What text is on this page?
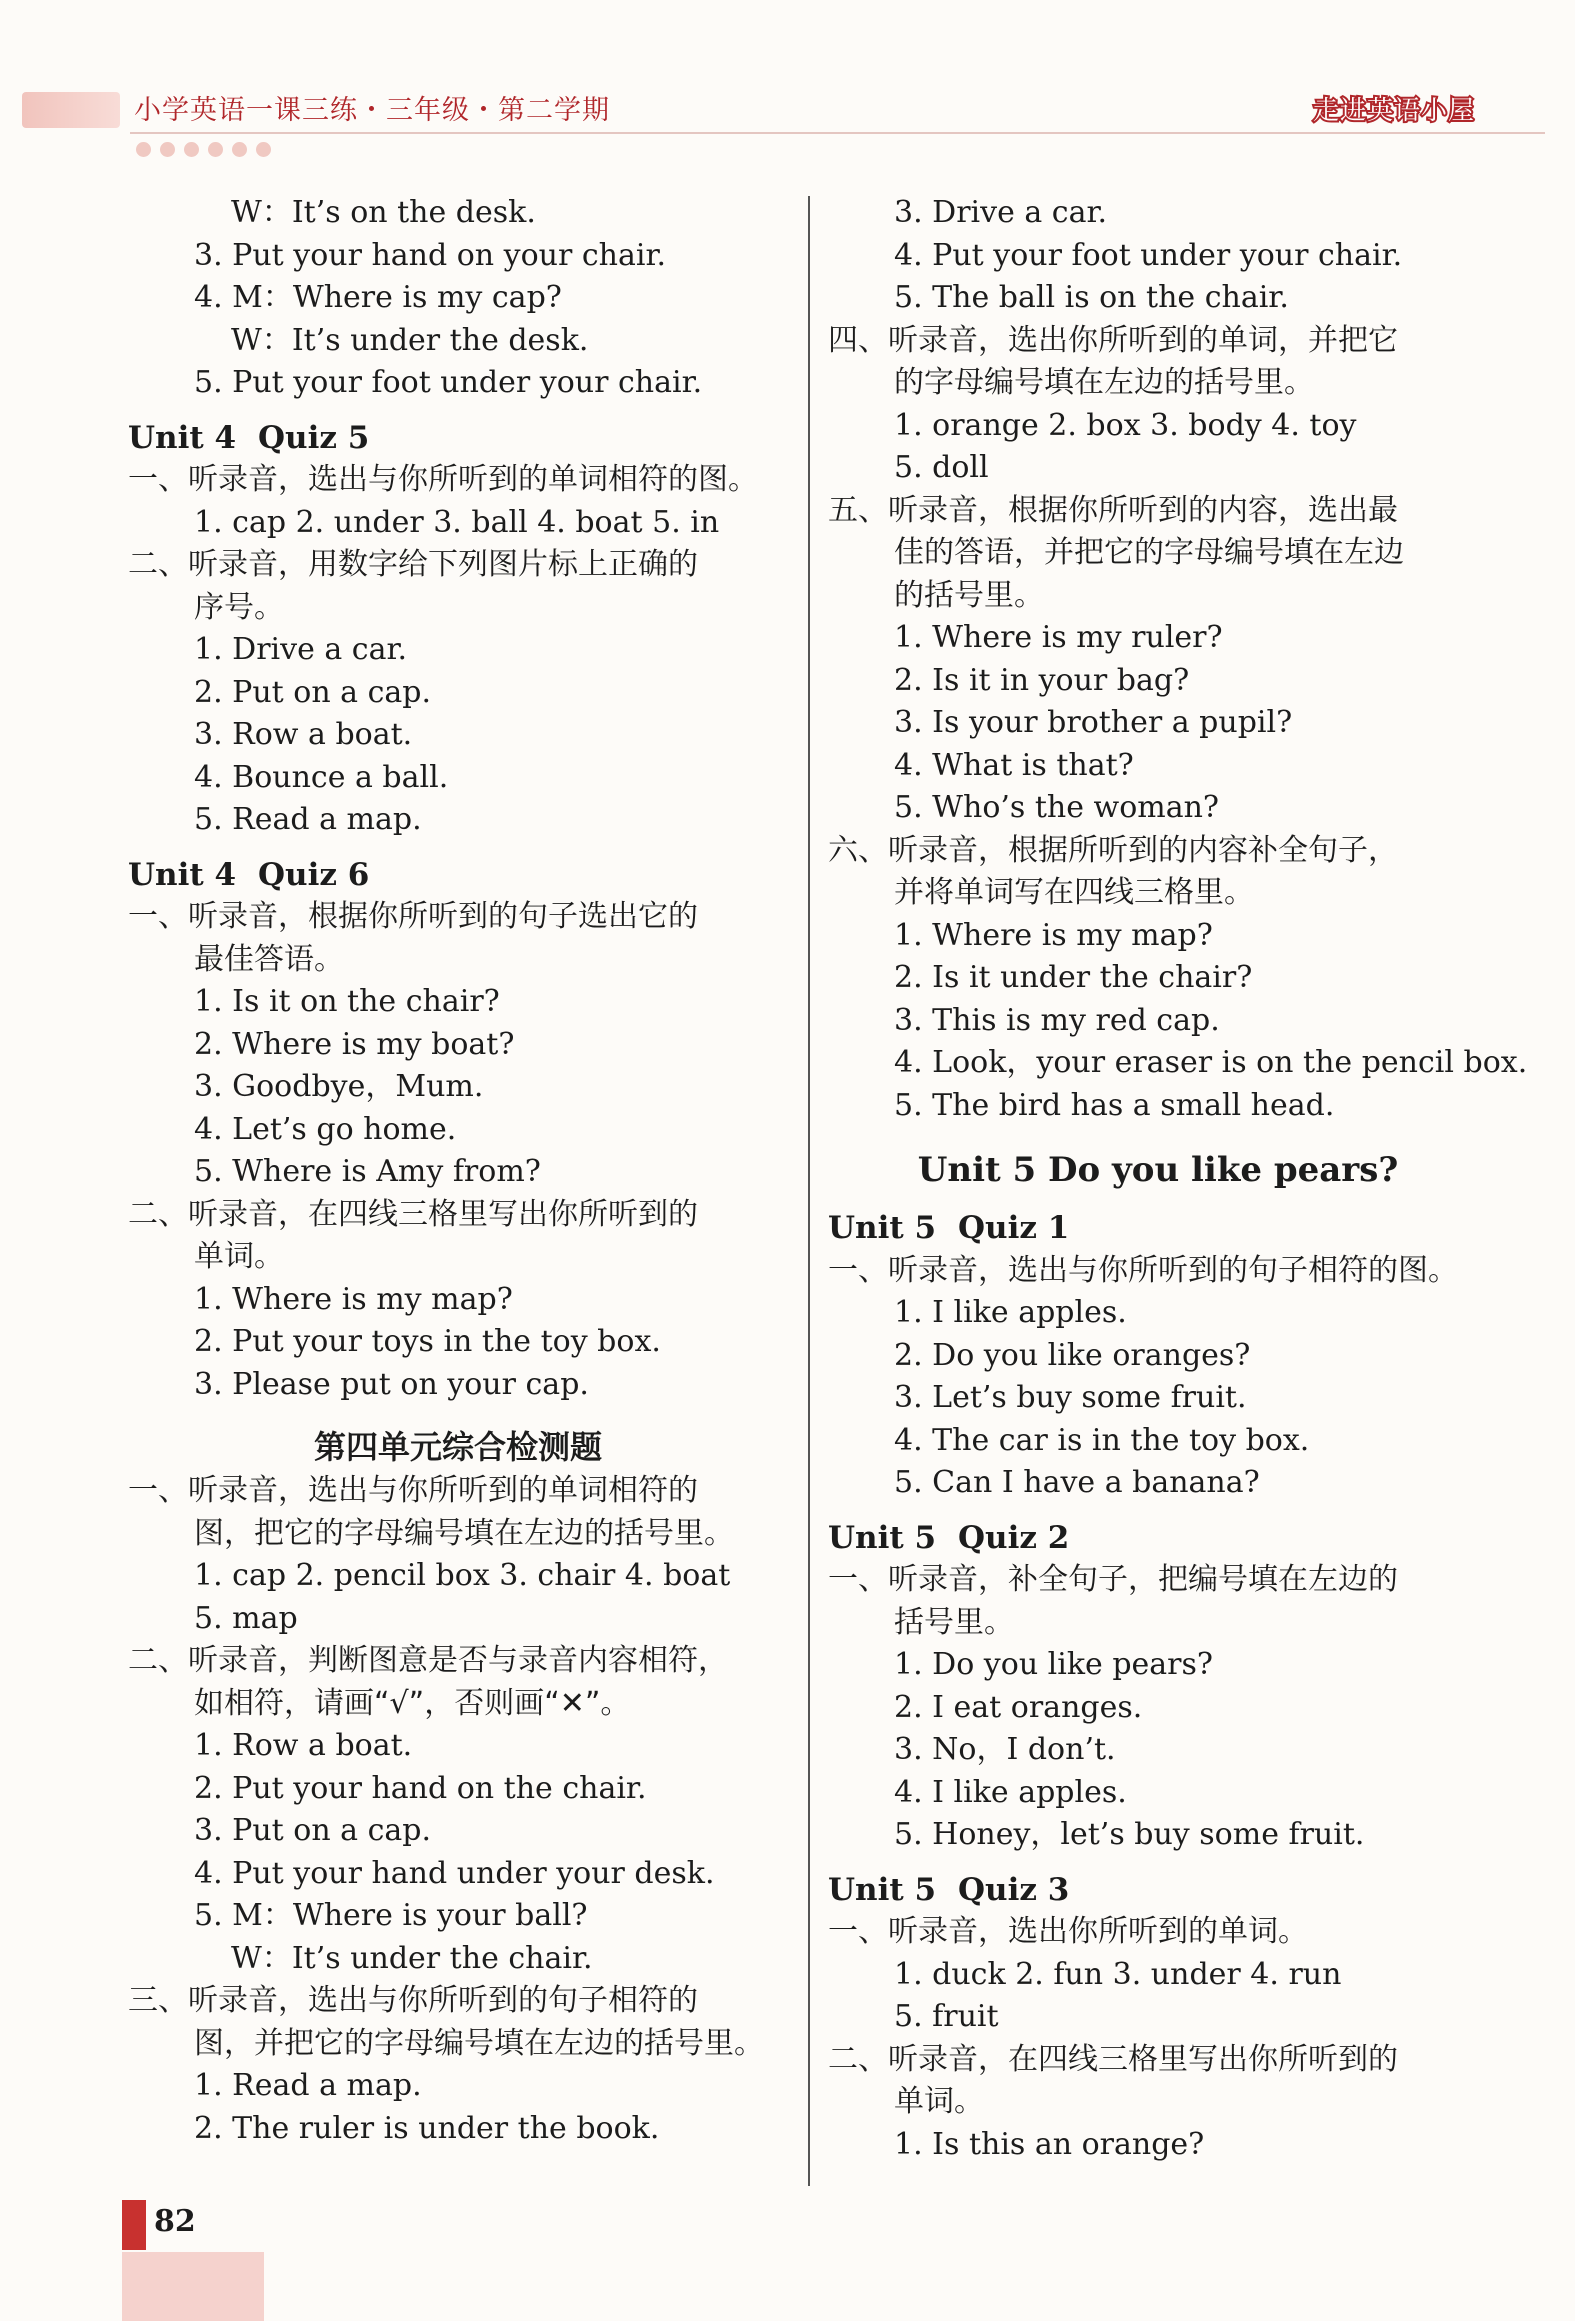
小学英语一课三练・三年级・第二学期	走进英语小屋
W：It’s on the desk.
3. Put your hand on your chair.
4. M：Where is my cap?
W：It’s under the desk.
5. Put your foot under your chair.
Unit 4 Quiz 5
一、听录音，选出与你所听到的单词相符的图。
1. cap 2. under 3. ball 4. boat 5. in
二、听录音，用数字给下列图片标上正确的
序号。
1. Drive a car.
2. Put on a cap.
3. Row a boat.
4. Bounce a ball.
5. Read a map.
Unit 4 Quiz 6
一、听录音，根据你所听到的句子选出它的
最佳答语。
1. Is it on the chair?
2. Where is my boat?
3. Goodbye，Mum.
4. Let’s go home.
5. Where is Amy from?
二、听录音，在四线三格里写出你所听到的
单词。
1. Where is my map?
2. Put your toys in the toy box.
3. Please put on your cap.
第四单元综合检测题
一、听录音，选出与你所听到的单词相符的
图，把它的字母编号填在左边的括号里。
1. cap 2. pencil box 3. chair 4. boat
5. map
二、听录音，判断图意是否与录音内容相符，
如相符，请画“√”，否则画“✕”。
1. Row a boat.
2. Put your hand on the chair.
3. Put on a cap.
4. Put your hand under your desk.
5. M：Where is your ball?
W：It’s under the chair.
三、听录音，选出与你所听到的句子相符的
图，并把它的字母编号填在左边的括号里。
1. Read a map.
2. The ruler is under the book.
3. Drive a car.
4. Put your foot under your chair.
5. The ball is on the chair.
四、听录音，选出你所听到的单词，并把它
的字母编号填在左边的括号里。
1. orange 2. box 3. body 4. toy
5. doll
五、听录音，根据你所听到的内容，选出最
佳的答语，并把它的字母编号填在左边
的括号里。
1. Where is my ruler?
2. Is it in your bag?
3. Is your brother a pupil?
4. What is that?
5. Who’s the woman?
六、听录音，根据所听到的内容补全句子，
并将单词写在四线三格里。
1. Where is my map?
2. Is it under the chair?
3. This is my red cap.
4. Look，your eraser is on the pencil box.
5. The bird has a small head.
Unit 5 Do you like pears?
Unit 5 Quiz 1
一、听录音，选出与你所听到的句子相符的图。
1. I like apples.
2. Do you like oranges?
3. Let’s buy some fruit.
4. The car is in the toy box.
5. Can I have a banana?
Unit 5 Quiz 2
一、听录音，补全句子，把编号填在左边的
括号里。
1. Do you like pears?
2. I eat oranges.
3. No，I don’t.
4. I like apples.
5. Honey，let’s buy some fruit.
Unit 5 Quiz 3
一、听录音，选出你所听到的单词。
1. duck 2. fun 3. under 4. run
5. fruit
二、听录音，在四线三格里写出你所听到的
单词。
1. Is this an orange?
82
